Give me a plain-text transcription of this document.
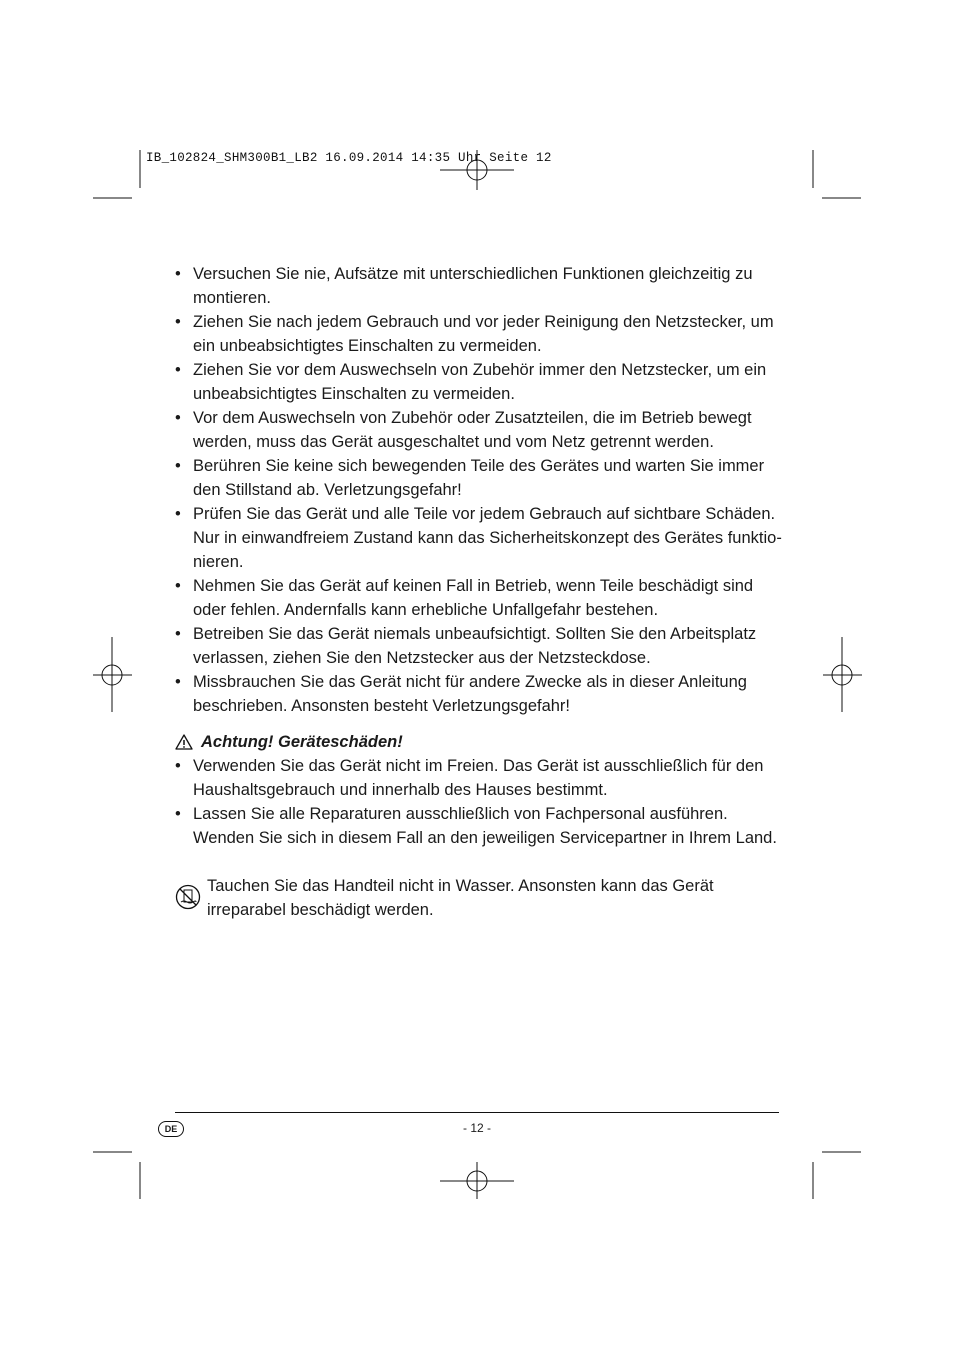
IB_102824_SHM300B1_LB2 16.09.2014 14:35 Uhr Seite 12
• Versuchen Sie nie, Aufsätze mit unterschiedlichen Funktionen gleichzeitig zu montieren.
• Ziehen Sie nach jedem Gebrauch und vor jeder Reinigung den Netzstecker, um ein unbeabsichtigtes Einschalten zu vermeiden.
• Ziehen Sie vor dem Auswechseln von Zubehör immer den Netzstecker, um ein unbeabsichtigtes Einschalten zu vermeiden.
• Vor dem Auswechseln von Zubehör oder Zusatzteilen, die im Betrieb bewegt werden, muss das Gerät ausgeschaltet und vom Netz getrennt werden.
• Berühren Sie keine sich bewegenden Teile des Gerätes und warten Sie immer den Stillstand ab. Verletzungsgefahr!
• Prüfen Sie das Gerät und alle Teile vor jedem Gebrauch auf sichtbare Schäden. Nur in einwandfreiem Zustand kann das Sicherheitskonzept des Gerätes funktio-nieren.
• Nehmen Sie das Gerät auf keinen Fall in Betrieb, wenn Teile beschädigt sind oder fehlen. Andernfalls kann erhebliche Unfallgefahr bestehen.
• Betreiben Sie das Gerät niemals unbeaufsichtigt. Sollten Sie den Arbeitsplatz verlassen, ziehen Sie den Netzstecker aus der Netzsteckdose.
• Missbrauchen Sie das Gerät nicht für andere Zwecke als in dieser Anleitung beschrieben. Ansonsten besteht Verletzungsgefahr!
Achtung! Geräteschäden!
• Verwenden Sie das Gerät nicht im Freien. Das Gerät ist ausschließlich für den Haushaltsgebrauch und innerhalb des Hauses bestimmt.
• Lassen Sie alle Reparaturen ausschließlich von Fachpersonal ausführen. Wenden Sie sich in diesem Fall an den jeweiligen Servicepartner in Ihrem Land.
Tauchen Sie das Handteil nicht in Wasser. Ansonsten kann das Gerät irreparabel beschädigt werden.
DE	- 12 -
